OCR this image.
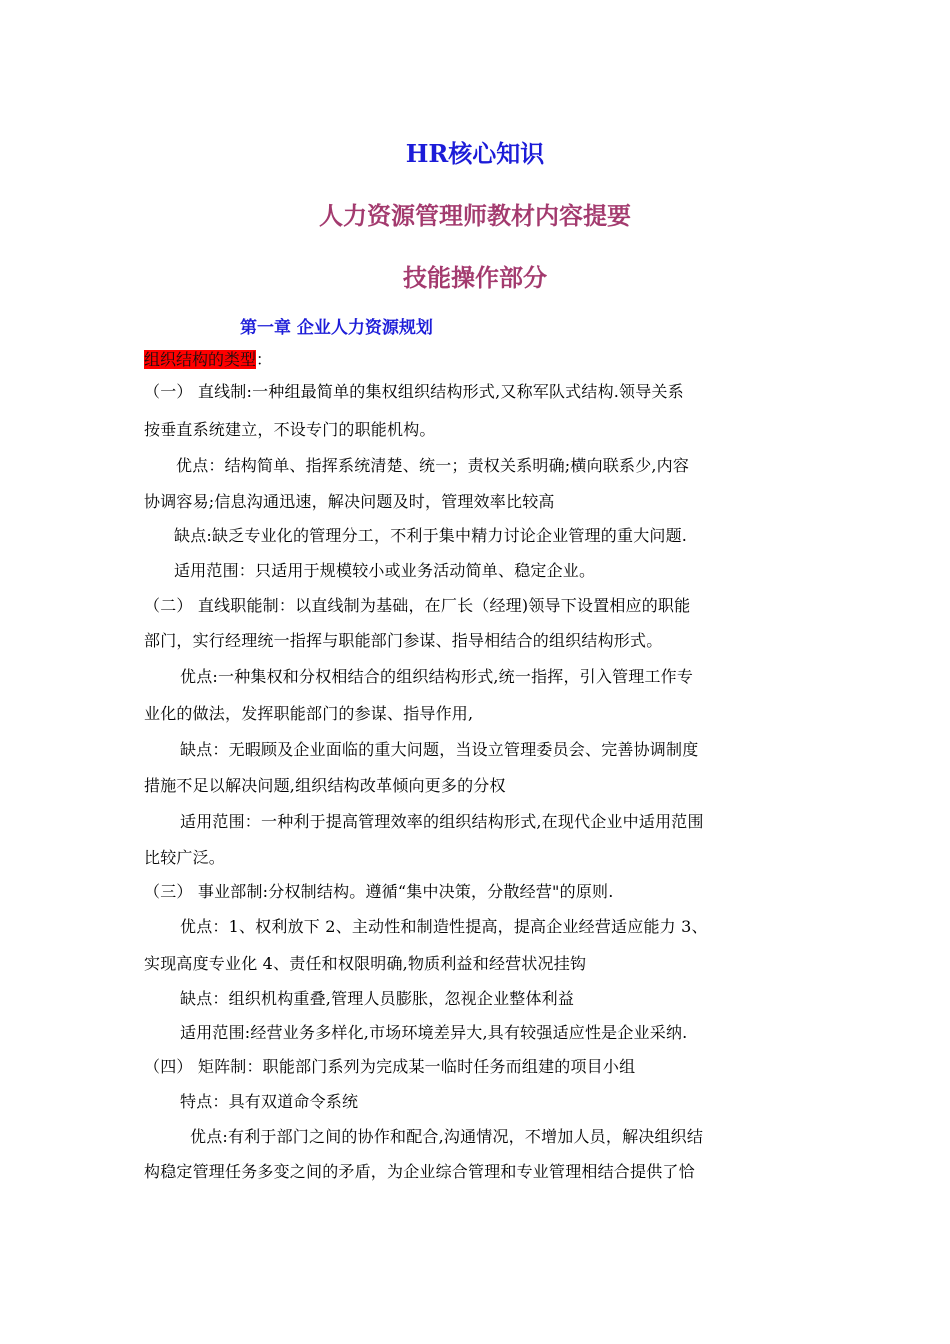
HR核心知识
人力资源管理师教材内容提要
技能操作部分
第一章 企业人力资源规划
组织结构的类型：
（一） 直线制:一种组最简单的集权组织结构形式,又称军队式结构.领导关系
按垂直系统建立，不设专门的职能机构。
优点：结构简单、指挥系统清楚、统一；责权关系明确;横向联系少,内容
协调容易;信息沟通迅速，解决问题及时，管理效率比较高
缺点:缺乏专业化的管理分工，不利于集中精力讨论企业管理的重大问题.
适用范围：只适用于规模较小或业务活动简单、稳定企业。
（二） 直线职能制：以直线制为基础，在厂长（经理)领导下设置相应的职能
部门，实行经理统一指挥与职能部门参谋、指导相结合的组织结构形式。
优点:一种集权和分权相结合的组织结构形式,统一指挥，引入管理工作专
业化的做法，发挥职能部门的参谋、指导作用,
缺点：无暇顾及企业面临的重大问题，当设立管理委员会、完善协调制度
措施不足以解决问题,组织结构改革倾向更多的分权
适用范围：一种利于提高管理效率的组织结构形式,在现代企业中适用范围
比较广泛。
（三） 事业部制:分权制结构。遵循“集中决策，分散经营"的原则.
优点：1、权利放下 2、主动性和制造性提高，提高企业经营适应能力 3、
实现高度专业化 4、责任和权限明确,物质利益和经营状况挂钩
缺点：组织机构重叠,管理人员膨胀，忽视企业整体利益
适用范围:经营业务多样化,市场环境差异大,具有较强适应性是企业采纳.
（四） 矩阵制：职能部门系列为完成某一临时任务而组建的项目小组
特点：具有双道命令系统
优点:有利于部门之间的协作和配合,沟通情况，不增加人员，解决组织结
构稳定管理任务多变之间的矛盾，为企业综合管理和专业管理相结合提供了恰
